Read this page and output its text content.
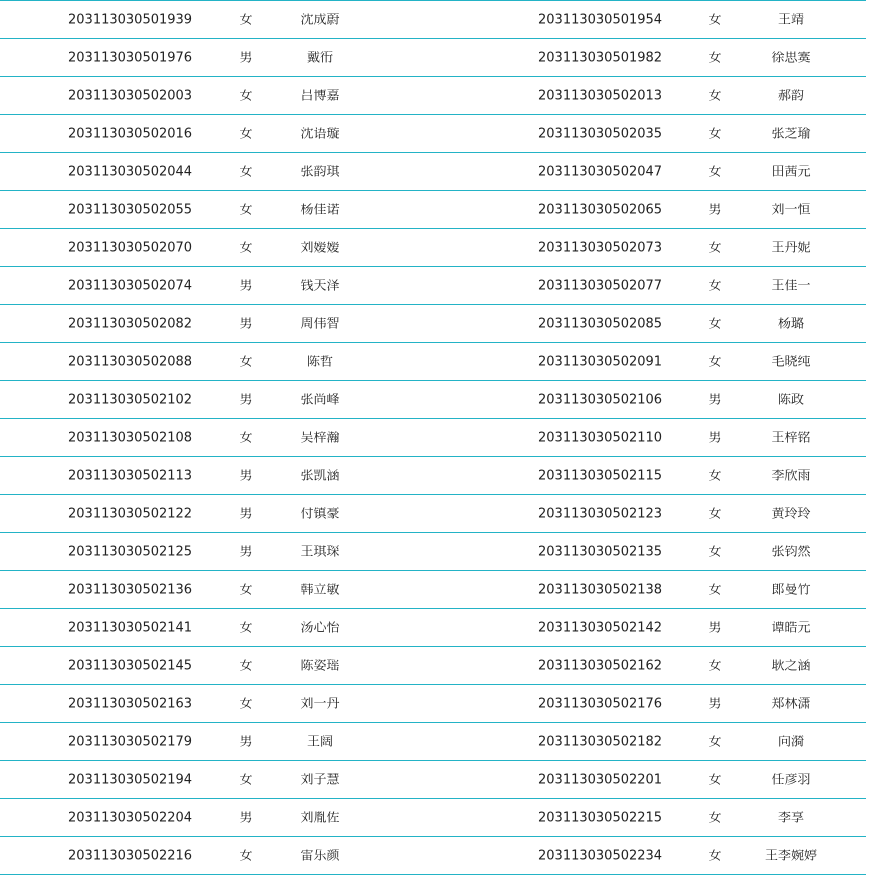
203113030501939	女	沈成蔚	203113030501954	女	王靖
203113030501976	男	戴衎	203113030501982	女	徐思霙
203113030502003	女	吕博嘉	203113030502013	女	郝韵
203113030502016	女	沈语璇	203113030502035	女	张芝瑜
203113030502044	女	张韵琪	203113030502047	女	田茜元
203113030502055	女	杨佳诺	203113030502065	男	刘一恒
203113030502070	女	刘嫒嫒	203113030502073	女	王丹妮
203113030502074	男	钱天泽	203113030502077	女	王佳一
203113030502082	男	周伟智	203113030502085	女	杨璐
203113030502088	女	陈哲	203113030502091	女	毛晓纯
203113030502102	男	张尚峰	203113030502106	男	陈政
203113030502108	女	吴梓瀚	203113030502110	男	王梓铭
203113030502113	男	张凯涵	203113030502115	女	李欣雨
203113030502122	男	付镇豪	203113030502123	女	黄玲玲
203113030502125	男	王琪琛	203113030502135	女	张钧然
203113030502136	女	韩立敏	203113030502138	女	郎曼竹
203113030502141	女	汤心怡	203113030502142	男	谭皓元
203113030502145	女	陈姿瑶	203113030502162	女	耿之涵
203113030502163	女	刘一丹	203113030502176	男	郑林潇
203113030502179	男	王阔	203113030502182	女	向漪
203113030502194	女	刘子慧	203113030502201	女	任彦羽
203113030502204	男	刘胤佐	203113030502215	女	李享
203113030502216	女	雷乐颜	203113030502234	女	王李婉婷
